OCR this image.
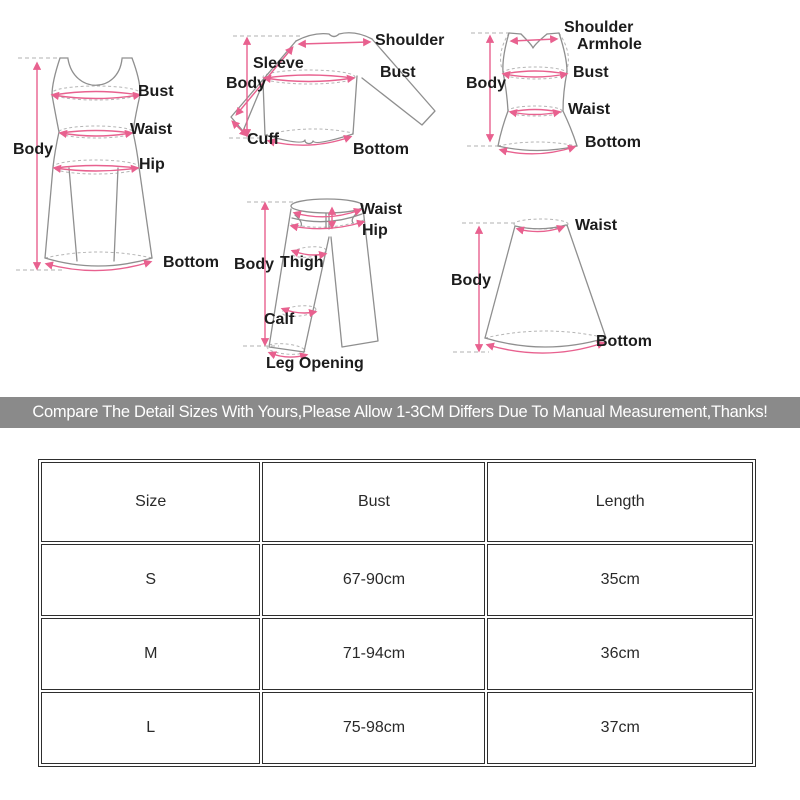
Body
Bust
Waist
Hip
Bottom
Shoulder
Sleeve
Body
Bust
Cuff
Bottom
Shoulder
Armhole
Body
Bust
Waist
Bottom
Waist
Hip
Body Thigh
Calf
Leg Opening
Waist
Body
Bottom
Compare The Detail Sizes With Yours,Please Allow 1-3CM Differs Due To Manual Measurement,Thanks!
Size	Bust	Length
S	67-90cm	35cm
M	71-94cm	36cm
L	75-98cm	37cm
